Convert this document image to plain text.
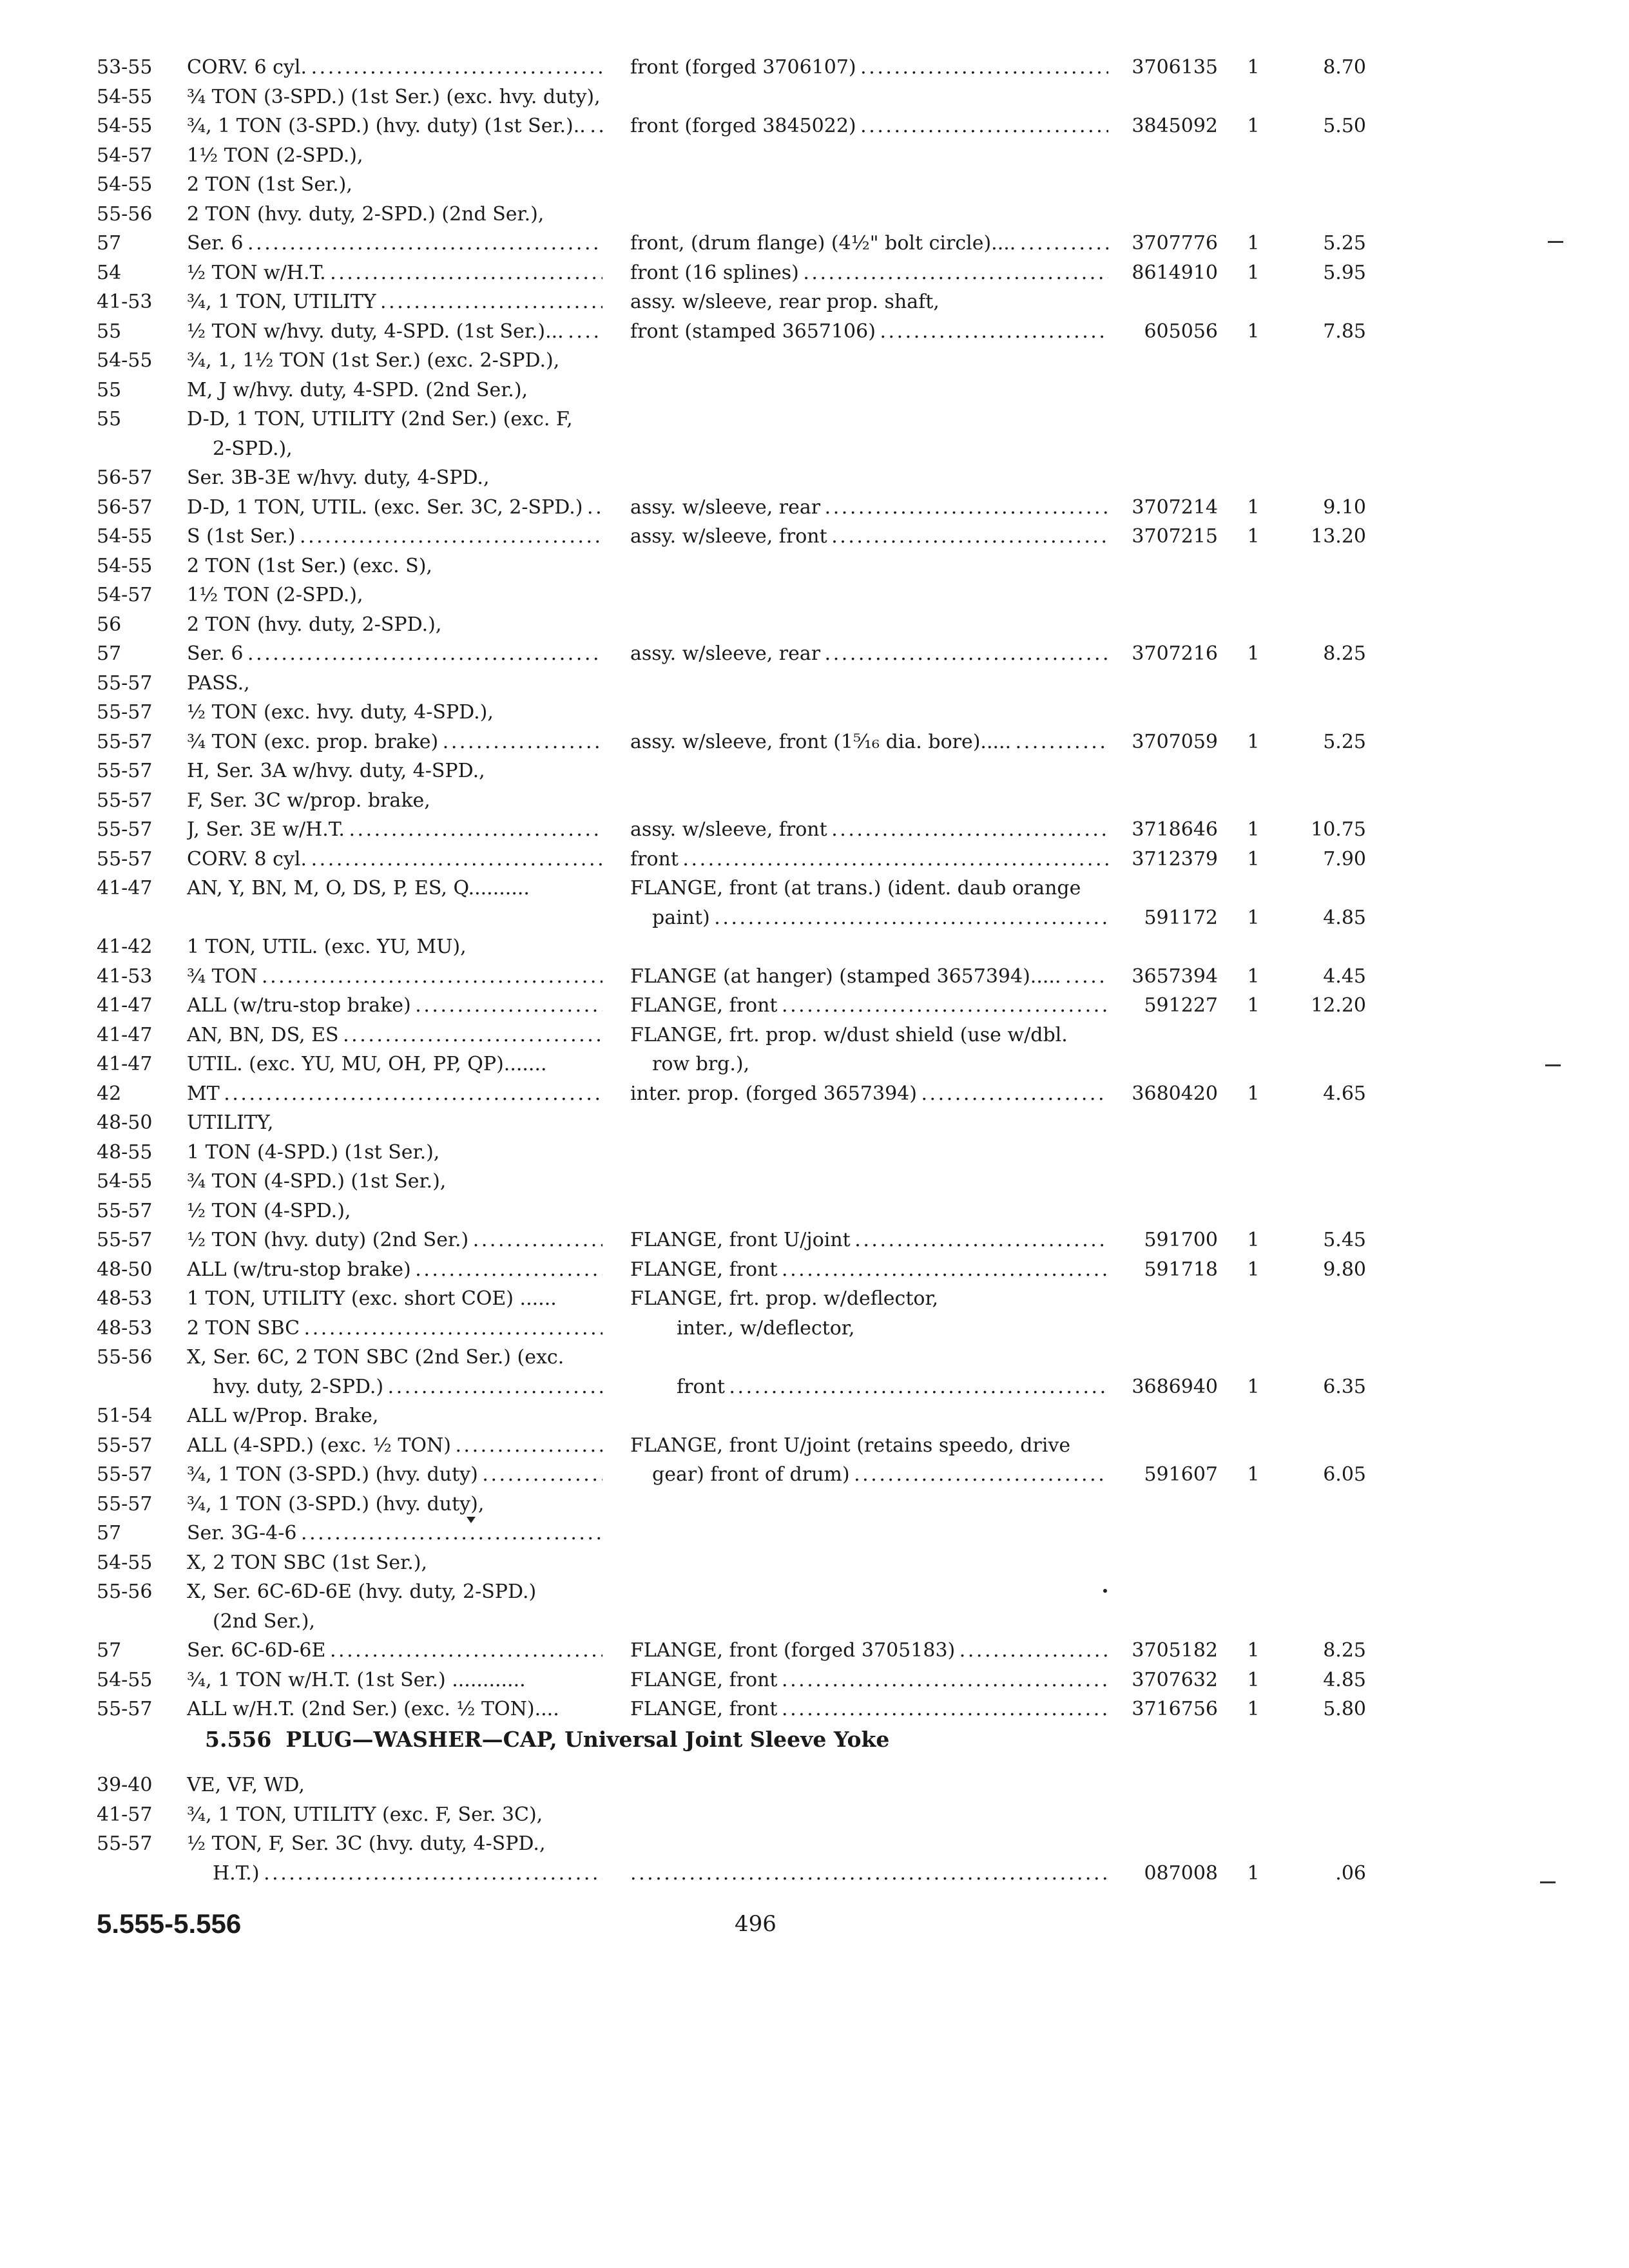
53-55	CORV. 6 cyl. . . .	front (forged 3706107) . . .	3706135	1	8.70
54-55	¾ TON (3-SPD.) (1st Ser.) (exc. hvy. duty),
54-55	¾, 1 TON (3-SPD.) (hvy. duty) (1st Ser.).. . . .	front (forged 3845022) . . .	3845092	1	5.50
54-57	1½ TON (2-SPD.),
54-55	2 TON (1st Ser.),
55-56	2 TON (hvy. duty, 2-SPD.) (2nd Ser.),
57	Ser. 6 . . .	front, (drum flange) (4½" bolt circle).... . . .	3707776	1	5.25
54	½ TON w/H.T. . . .	front (16 splines) . . .	8614910	1	5.95
41-53	¾, 1 TON, UTILITY . . .	assy. w/sleeve, rear prop. shaft,
55	½ TON w/hvy. duty, 4-SPD. (1st Ser.)... . . .	front (stamped 3657106) . . .	605056	1	7.85
54-55	¾, 1, 1½ TON (1st Ser.) (exc. 2-SPD.),
55	M, J w/hvy. duty, 4-SPD. (2nd Ser.),
55	D-D, 1 TON, UTILITY (2nd Ser.) (exc. F,
2-SPD.),
56-57	Ser. 3B-3E w/hvy. duty, 4-SPD.,
56-57	D-D, 1 TON, UTIL. (exc. Ser. 3C, 2-SPD.) . . .	assy. w/sleeve, rear . . .	3707214	1	9.10
54-55	S (1st Ser.) . . .	assy. w/sleeve, front . . .	3707215	1	13.20
54-55	2 TON (1st Ser.) (exc. S),
54-57	1½ TON (2-SPD.),
56	2 TON (hvy. duty, 2-SPD.),
57	Ser. 6 . . .	assy. w/sleeve, rear . . .	3707216	1	8.25
55-57	PASS.,
55-57	½ TON (exc. hvy. duty, 4-SPD.),
55-57	¾ TON (exc. prop. brake) . . .	assy. w/sleeve, front (1⁵⁄₁₆ dia. bore)..... . . .	3707059	1	5.25
55-57	H, Ser. 3A w/hvy. duty, 4-SPD.,
55-57	F, Ser. 3C w/prop. brake,
55-57	J, Ser. 3E w/H.T. . . .	assy. w/sleeve, front . . .	3718646	1	10.75
55-57	CORV. 8 cyl. . . .	front . . .	3712379	1	7.90
41-47	AN, Y, BN, M, O, DS, P, ES, Q..........	FLANGE, front (at trans.) (ident. daub orange
paint) . . .	591172	1	4.85
41-42	1 TON, UTIL. (exc. YU, MU),
41-53	¾ TON . . .	FLANGE (at hanger) (stamped 3657394)..... . . .	3657394	1	4.45
41-47	ALL (w/tru-stop brake) . . .	FLANGE, front . . .	591227	1	12.20
41-47	AN, BN, DS, ES . . .	FLANGE, frt. prop. w/dust shield (use w/dbl.
41-47	UTIL. (exc. YU, MU, OH, PP, QP).......	row brg.),
42	MT . . .	inter. prop. (forged 3657394) . . .	3680420	1	4.65
48-50	UTILITY,
48-55	1 TON (4-SPD.) (1st Ser.),
54-55	¾ TON (4-SPD.) (1st Ser.),
55-57	½ TON (4-SPD.),
55-57	½ TON (hvy. duty) (2nd Ser.) . . .	FLANGE, front U/joint . . .	591700	1	5.45
48-50	ALL (w/tru-stop brake) . . .	FLANGE, front . . .	591718	1	9.80
48-53	1 TON, UTILITY (exc. short COE) ......	FLANGE, frt. prop. w/deflector,
48-53	2 TON SBC . . .	inter., w/deflector,
55-56	X, Ser. 6C, 2 TON SBC (2nd Ser.) (exc.
hvy. duty, 2-SPD.) . . .	front . . .	3686940	1	6.35
51-54	ALL w/Prop. Brake,
55-57	ALL (4-SPD.) (exc. ½ TON) . . .	FLANGE, front U/joint (retains speedo, drive
55-57	¾, 1 TON (3-SPD.) (hvy. duty) . . .	gear) front of drum) . . .	591607	1	6.05
55-57	¾, 1 TON (3-SPD.) (hvy. duty),
57	Ser. 3G-4-6 . . .
54-55	X, 2 TON SBC (1st Ser.),
55-56	X, Ser. 6C-6D-6E (hvy. duty, 2-SPD.)
(2nd Ser.),
57	Ser. 6C-6D-6E . . .	FLANGE, front (forged 3705183) . . .	3705182	1	8.25
54-55	¾, 1 TON w/H.T. (1st Ser.) ............	FLANGE, front . . .	3707632	1	4.85
55-57	ALL w/H.T. (2nd Ser.) (exc. ½ TON)....	FLANGE, front . . .	3716756	1	5.80
5.556 PLUG—WASHER—CAP, Universal Joint Sleeve Yoke
39-40	VE, VF, WD,
41-57	¾, 1 TON, UTILITY (exc. F, Ser. 3C),
55-57	½ TON, F, Ser. 3C (hvy. duty, 4-SPD.,
H.T.) . . .
. . .	087008	1	.06
5.555-5.556	496
